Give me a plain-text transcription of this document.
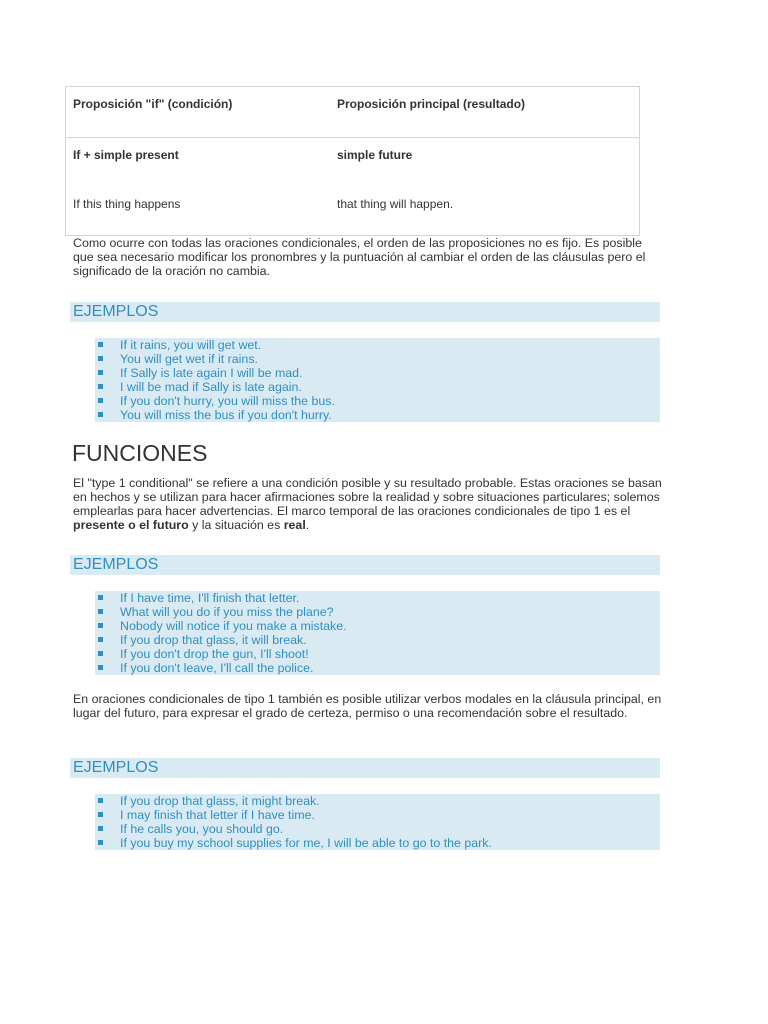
Proposición "if" (condición)	Proposición principal (resultado)
If + simple present	simple future
If this thing happens	that thing will happen.

Como ocurre con todas las oraciones condicionales, el orden de las proposiciones no es fijo. Es posible que sea necesario modificar los pronombres y la puntuación al cambiar el orden de las cláusulas pero el significado de la oración no cambia.

EJEMPLOS
If it rains, you will get wet.
You will get wet if it rains.
If Sally is late again I will be mad.
I will be mad if Sally is late again.
If you don't hurry, you will miss the bus.
You will miss the bus if you don't hurry.
FUNCIONES

El "type 1 conditional" se refiere a una condición posible y su resultado probable. Estas oraciones se basan en hechos y se utilizan para hacer afirmaciones sobre la realidad y sobre situaciones particulares; solemos emplearlas para hacer advertencias. El marco temporal de las oraciones condicionales de tipo 1 es el presente o el futuro y la situación es real.

EJEMPLOS
If I have time, I'll finish that letter.
What will you do if you miss the plane?
Nobody will notice if you make a mistake.
If you drop that glass, it will break.
If you don't drop the gun, I'll shoot!
If you don't leave, I'll call the police.

En oraciones condicionales de tipo 1 también es posible utilizar verbos modales en la cláusula principal, en lugar del futuro, para expresar el grado de certeza, permiso o una recomendación sobre el resultado.

EJEMPLOS
If you drop that glass, it might break.
I may finish that letter if I have time.
If he calls you, you should go.
If you buy my school supplies for me, I will be able to go to the park.
